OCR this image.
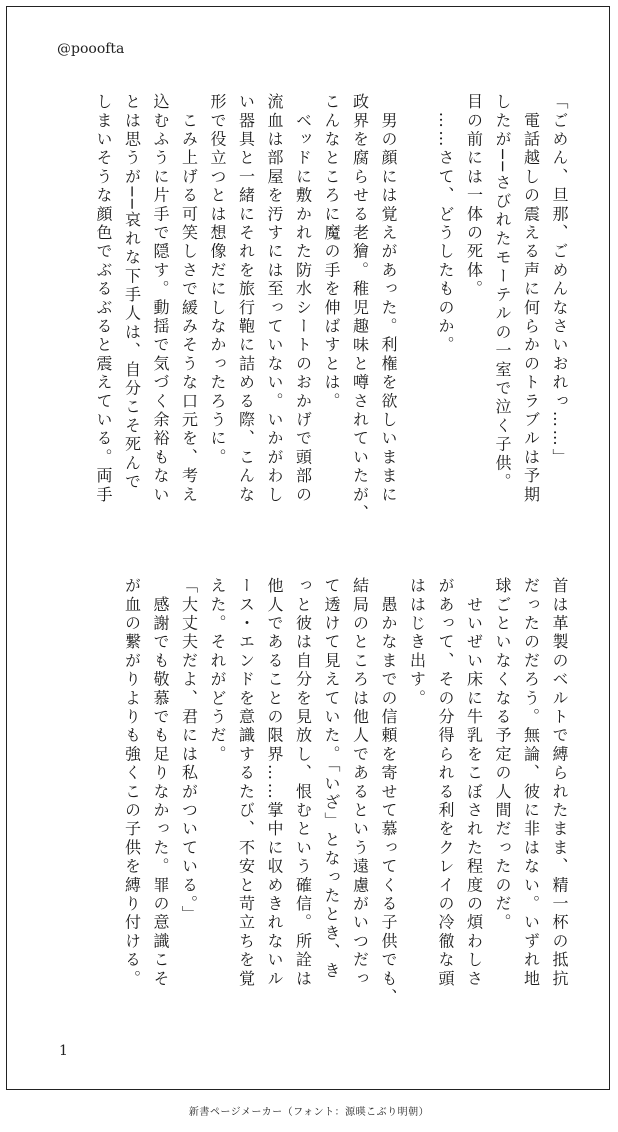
@pooofta
「ごめん、旦那、ごめんなさいおれっ……」
　電話越しの震える声に何らかのトラブルは予期
したが──さびれたモーテルの一室で泣く子供。
目の前には一体の死体。
　……さて、どうしたものか。

　男の顔には覚えがあった。利権を欲しいままに
政界を腐らせる老獪。稚児趣味と噂されていたが、
こんなところに魔の手を伸ばすとは。
　ベッドに敷かれた防水シートのおかげで頭部の
流血は部屋を汚すには至っていない。いかがわし
い器具と一緒にそれを旅行鞄に詰める際、こんな
形で役立つとは想像だにしなかったろうに。
　こみ上げる可笑しさで緩みそうな口元を、考え
込むふうに片手で隠す。動揺で気づく余裕もない
とは思うが──哀れな下手人は、自分こそ死んで
しまいそうな顔色でぶるぶると震えている。両手
首は革製のベルトで縛られたまま、精一杯の抵抗
だったのだろう。無論、彼に非はない。いずれ地
球ごといなくなる予定の人間だったのだ。
　せいぜい床に牛乳をこぼされた程度の煩わしさ
があって、その分得られる利をクレイの冷徹な頭
ははじき出す。
　愚かなまでの信頼を寄せて慕ってくる子供でも、
結局のところは他人であるという遠慮がいつだっ
て透けて見えていた。「いざ」となったとき、き
っと彼は自分を見放し、恨むという確信。所詮は
他人であることの限界……掌中に収めきれないル
ース・エンドを意識するたび、不安と苛立ちを覚
えた。それがどうだ。
「大丈夫だよ、君には私がついている。」
　感謝でも敬慕でも足りなかった。罪の意識こそ
が血の繋がりよりも強くこの子供を縛り付ける。
1
新書ページメーカー（フォント：源暎こぶり明朝）
